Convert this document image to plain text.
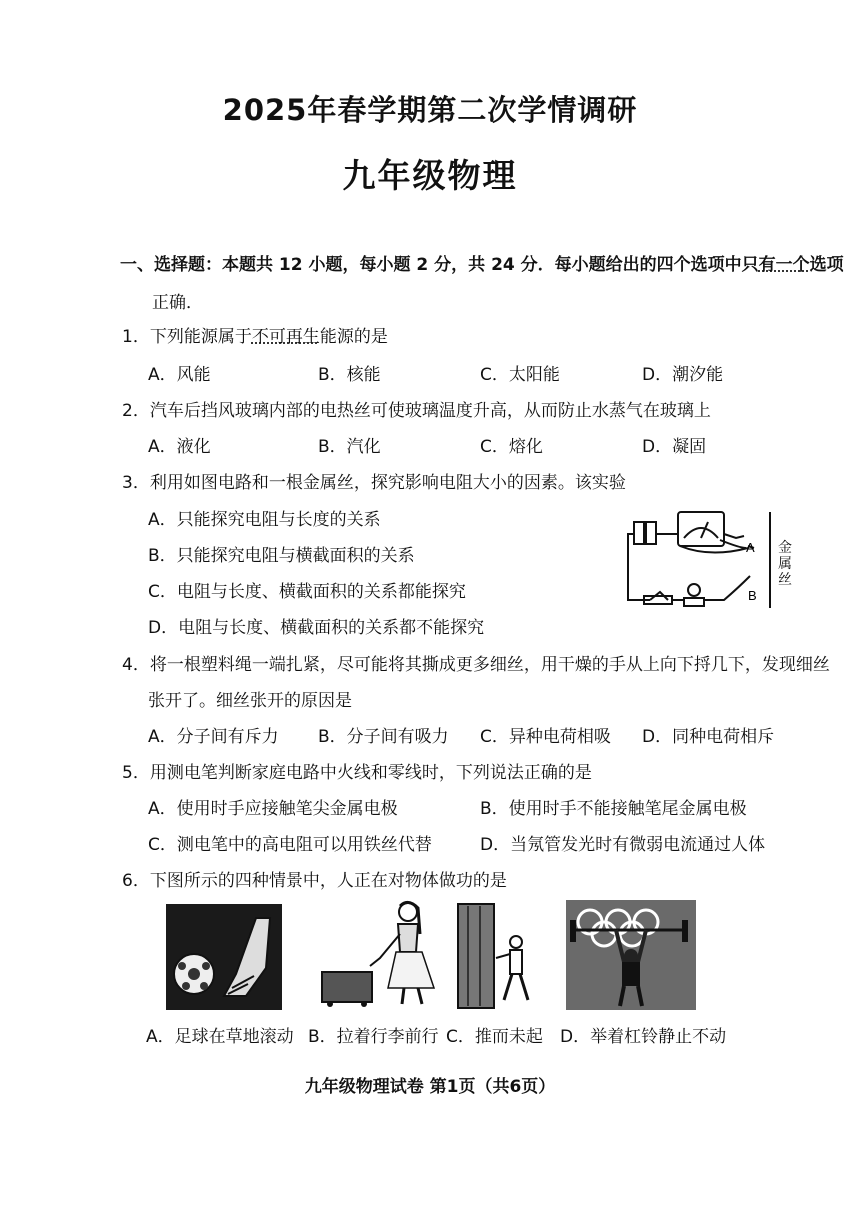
2025年春学期第二次学情调研
九年级物理
一、选择题：本题共 12 小题，每小题 2 分，共 24 分．每小题给出的四个选项中只有一个选项
正确．
1．下列能源属于不可再生能源的是
A．风能	B．核能	C．太阳能	D．潮汐能
2．汽车后挡风玻璃内部的电热丝可使玻璃温度升高，从而防止水蒸气在玻璃上
A．液化	B．汽化	C．熔化	D．凝固
3．利用如图电路和一根金属丝，探究影响电阻大小的因素。该实验
A．只能探究电阻与长度的关系
B．只能探究电阻与横截面积的关系
C．电阻与长度、横截面积的关系都能探究
D．电阻与长度、横截面积的关系都不能探究
A
B
金属丝
4．将一根塑料绳一端扎紧，尽可能将其撕成更多细丝，用干燥的手从上向下捋几下，发现细丝
张开了。细丝张开的原因是
A．分子间有斥力 B．分子间有吸力 C．异种电荷相吸 D．同种电荷相斥
5．用测电笔判断家庭电路中火线和零线时，下列说法正确的是
A．使用时手应接触笔尖金属电极	B．使用时手不能接触笔尾金属电极
C．测电笔中的高电阻可以用铁丝代替	D．当氖管发光时有微弱电流通过人体
6．下图所示的四种情景中，人正在对物体做功的是
A．足球在草地滚动 B．拉着行李前行 C．推而未起 D．举着杠铃静止不动
九年级物理试卷 第1页（共6页）
